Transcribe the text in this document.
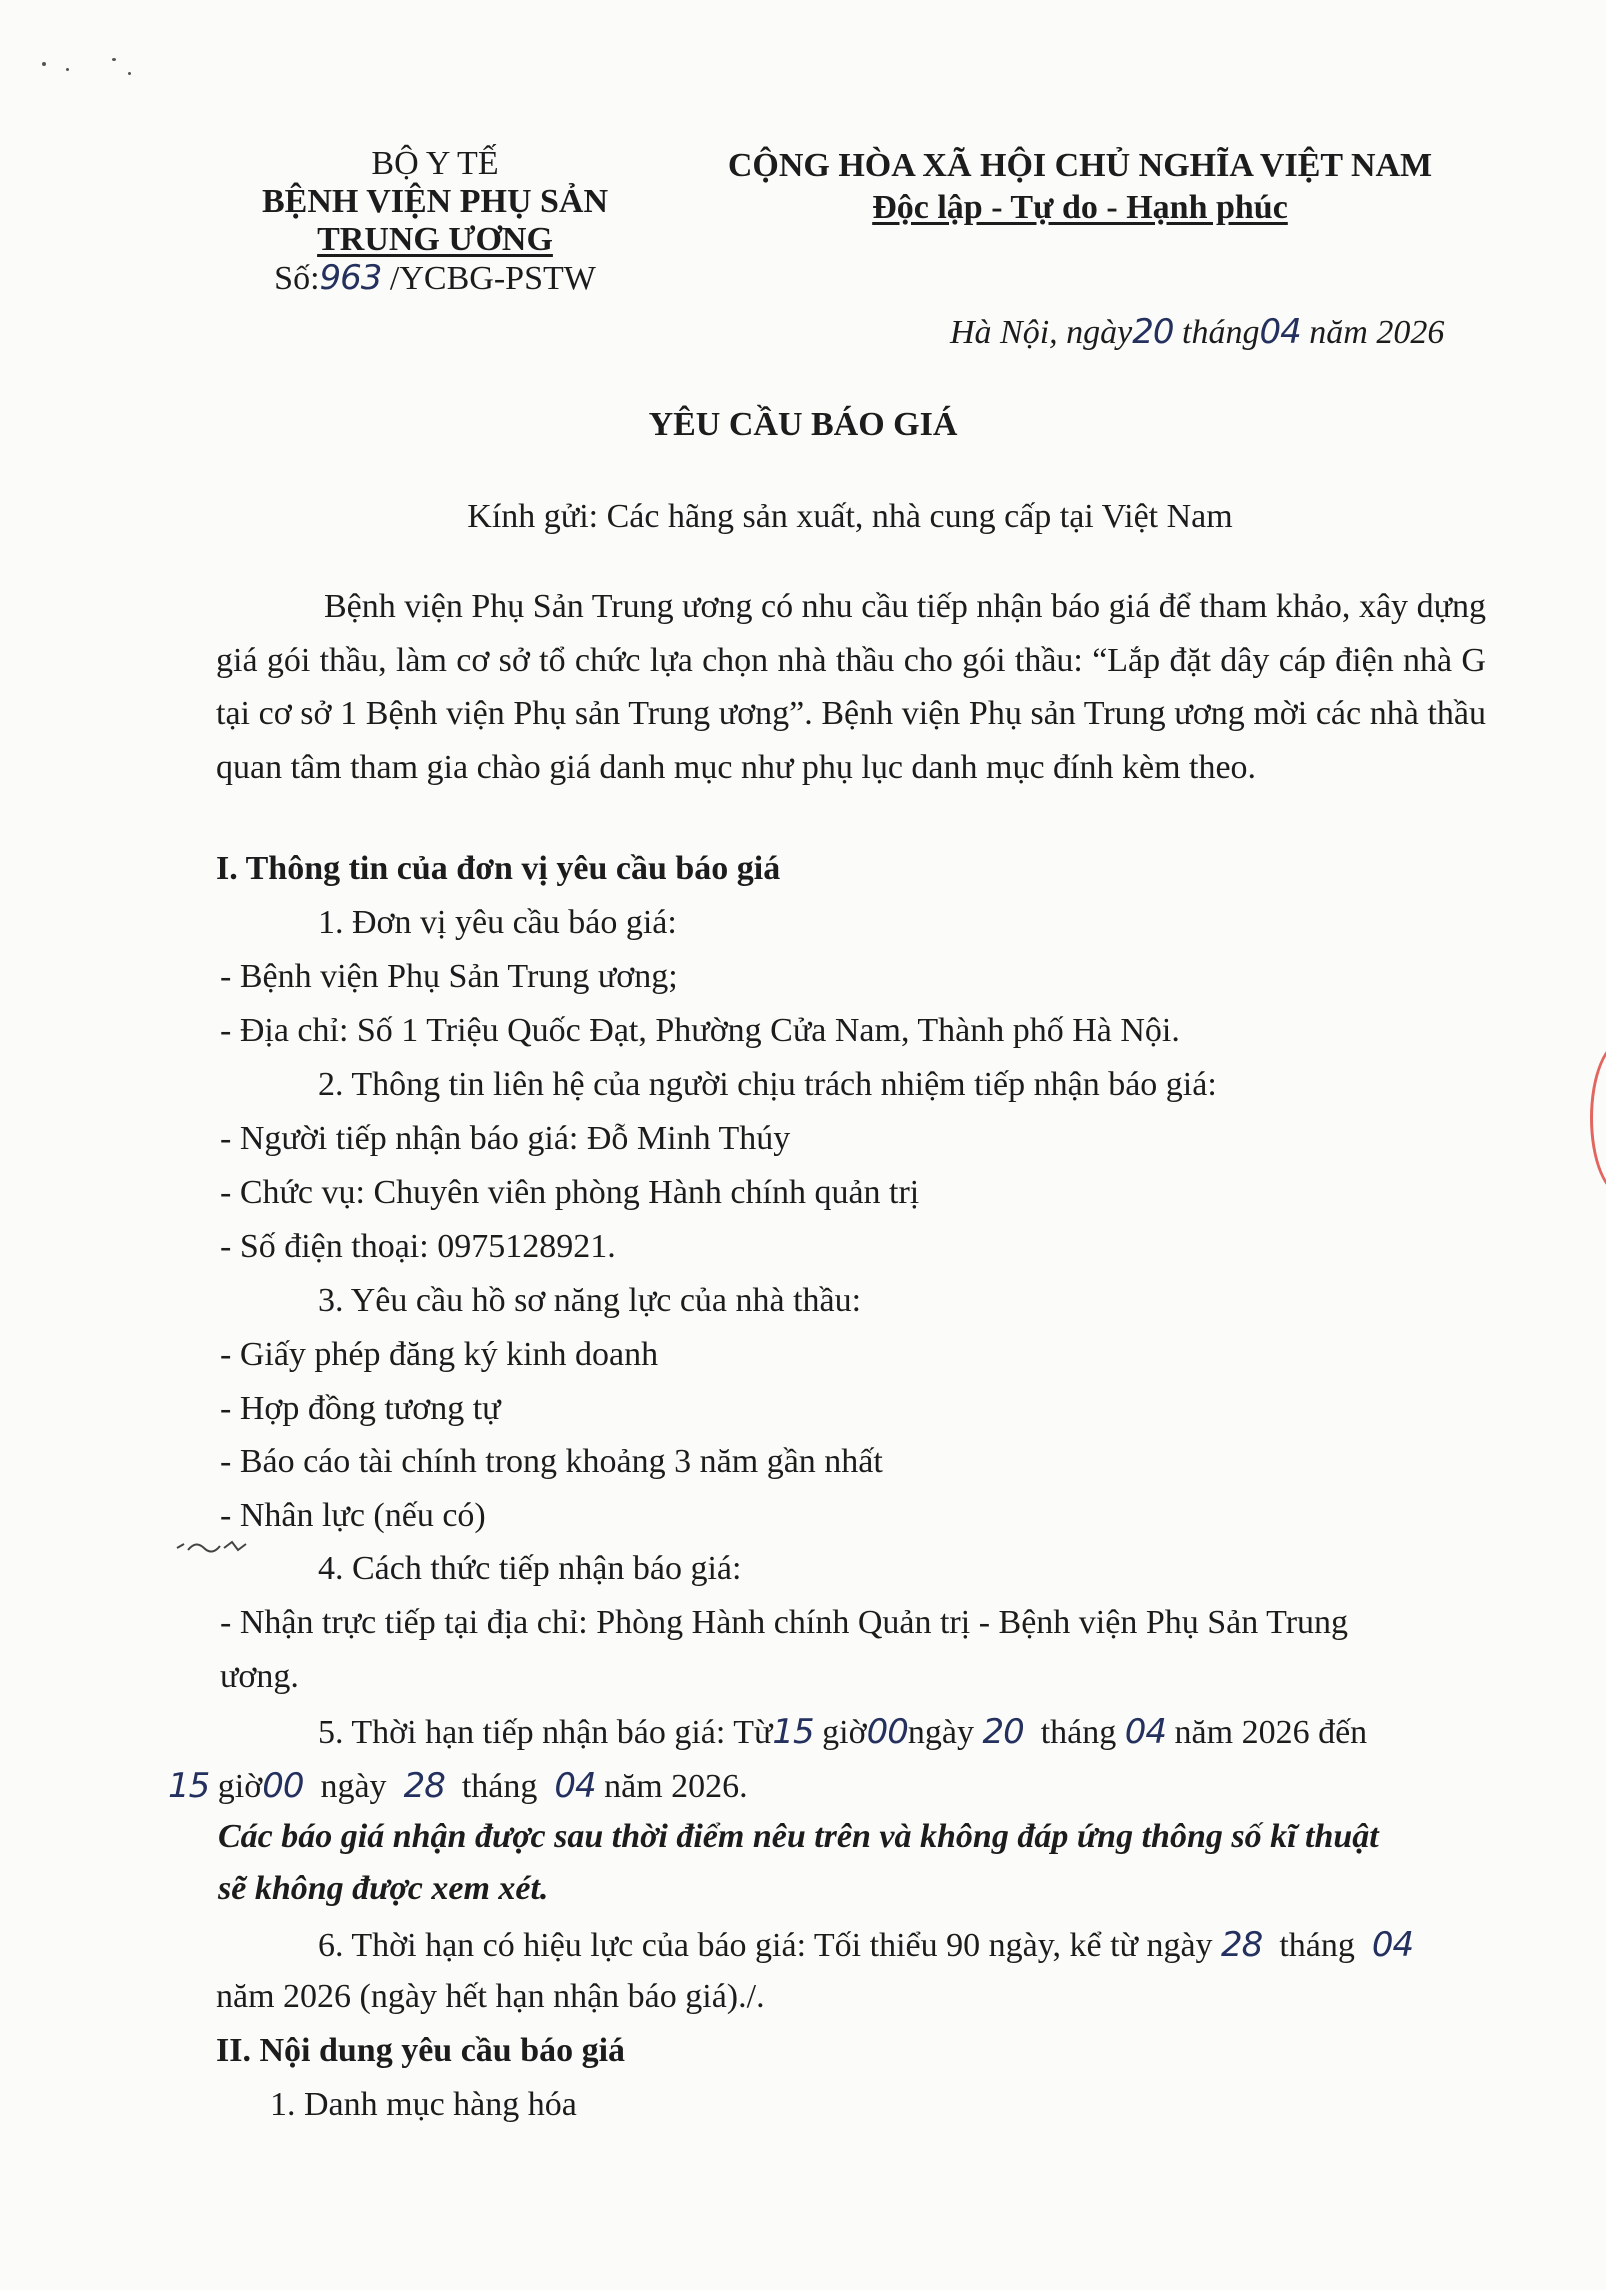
BỘ Y TẾ
BỆNH VIỆN PHỤ SẢN
TRUNG ƯƠNG
Số:963 /YCBG-PSTW
CỘNG HÒA XÃ HỘI CHỦ NGHĨA VIỆT NAM
Độc lập - Tự do - Hạnh phúc
Hà Nội, ngày20 tháng04 năm 2026
YÊU CẦU BÁO GIÁ
Kính gửi: Các hãng sản xuất, nhà cung cấp tại Việt Nam
Bệnh viện Phụ Sản Trung ương có nhu cầu tiếp nhận báo giá để tham khảo, xây dựng giá gói thầu, làm cơ sở tổ chức lựa chọn nhà thầu cho gói thầu: “Lắp đặt dây cáp điện nhà G tại cơ sở 1 Bệnh viện Phụ sản Trung ương”. Bệnh viện Phụ sản Trung ương mời các nhà thầu quan tâm tham gia chào giá danh mục như phụ lục danh mục đính kèm theo.
I. Thông tin của đơn vị yêu cầu báo giá
1. Đơn vị yêu cầu báo giá:
- Bệnh viện Phụ Sản Trung ương;
- Địa chỉ: Số 1 Triệu Quốc Đạt, Phường Cửa Nam, Thành phố Hà Nội.
2. Thông tin liên hệ của người chịu trách nhiệm tiếp nhận báo giá:
- Người tiếp nhận báo giá: Đỗ Minh Thúy
- Chức vụ: Chuyên viên phòng Hành chính quản trị
- Số điện thoại: 0975128921.
3. Yêu cầu hồ sơ năng lực của nhà thầu:
- Giấy phép đăng ký kinh doanh
- Hợp đồng tương tự
- Báo cáo tài chính trong khoảng 3 năm gần nhất
- Nhân lực (nếu có)
4. Cách thức tiếp nhận báo giá:
- Nhận trực tiếp tại địa chỉ: Phòng Hành chính Quản trị - Bệnh viện Phụ Sản Trung
ương.
5. Thời hạn tiếp nhận báo giá: Từ15 giờ00ngày 20 tháng 04 năm 2026 đến
15 giờ00 ngày 28 tháng 04 năm 2026.
Các báo giá nhận được sau thời điểm nêu trên và không đáp ứng thông số kĩ thuật
sẽ không được xem xét.
6. Thời hạn có hiệu lực của báo giá: Tối thiểu 90 ngày, kể từ ngày 28 tháng 04
năm 2026 (ngày hết hạn nhận báo giá)./.
II. Nội dung yêu cầu báo giá
1. Danh mục hàng hóa
